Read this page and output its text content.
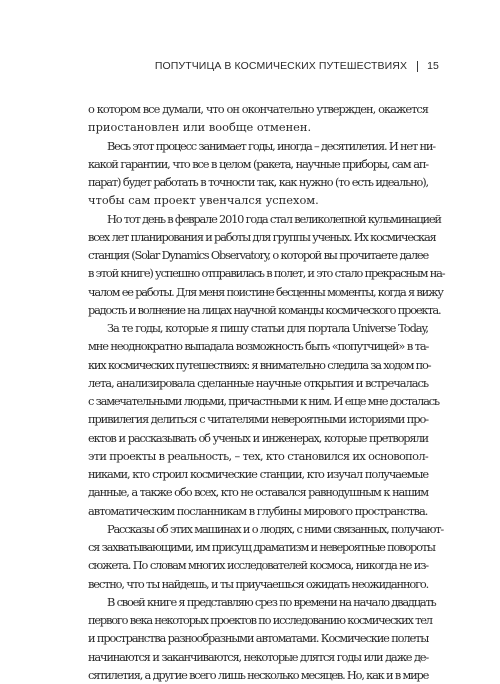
ПОПУТЧИЦА В КОСМИЧЕСКИХ ПУТЕШЕСТВИЯХ 15
о котором все думали, что он окончательно утвержден, окажется
приостановлен или вообще отменен.
Весь этот процесс занимает годы, иногда – десятилетия. И нет ни-
какой гарантии, что все в целом (ракета, научные приборы, сам ап-
парат) будет работать в точности так, как нужно (то есть идеально),
чтобы сам проект увенчался успехом.
Но тот день в феврале 2010 года стал великолепной кульминацией
всех лет планирования и работы для группы ученых. Их космическая
станция (Solar Dynamics Observatory, о которой вы прочитаете далее
в этой книге) успешно отправилась в полет, и это стало прекрасным на-
чалом ее работы. Для меня поистине бесценны моменты, когда я вижу
радость и волнение на лицах научной команды космического проекта.
За те годы, которые я пишу статьи для портала Universe Today,
мне неоднократно выпадала возможность быть «попутчицей» в та-
ких космических путешествиях: я внимательно следила за ходом по-
лета, анализировала сделанные научные открытия и встречалась
с замечательными людьми, причастными к ним. И еще мне досталась
привилегия делиться с читателями невероятными историями про-
ектов и рассказывать об ученых и инженерах, которые претворяли
эти проекты в реальность, – тех, кто становился их основопол-
никами, кто строил космические станции, кто изучал получаемые
данные, а также обо всех, кто не оставался равнодушным к нашим
автоматическим посланникам в глубины мирового пространства.
Рассказы об этих машинах и о людях, с ними связанных, получают-
ся захватывающими, им присущ драматизм и невероятные повороты
сюжета. По словам многих исследователей космоса, никогда не из-
вестно, что ты найдешь, и ты приучаешься ожидать неожиданного.
В своей книге я представляю срез по времени на начало двадцать
первого века некоторых проектов по исследованию космических тел
и пространства разнообразными автоматами. Космические полеты
начинаются и заканчиваются, некоторые длятся годы или даже де-
сятилетия, а другие всего лишь несколько месяцев. Но, как и в мире
